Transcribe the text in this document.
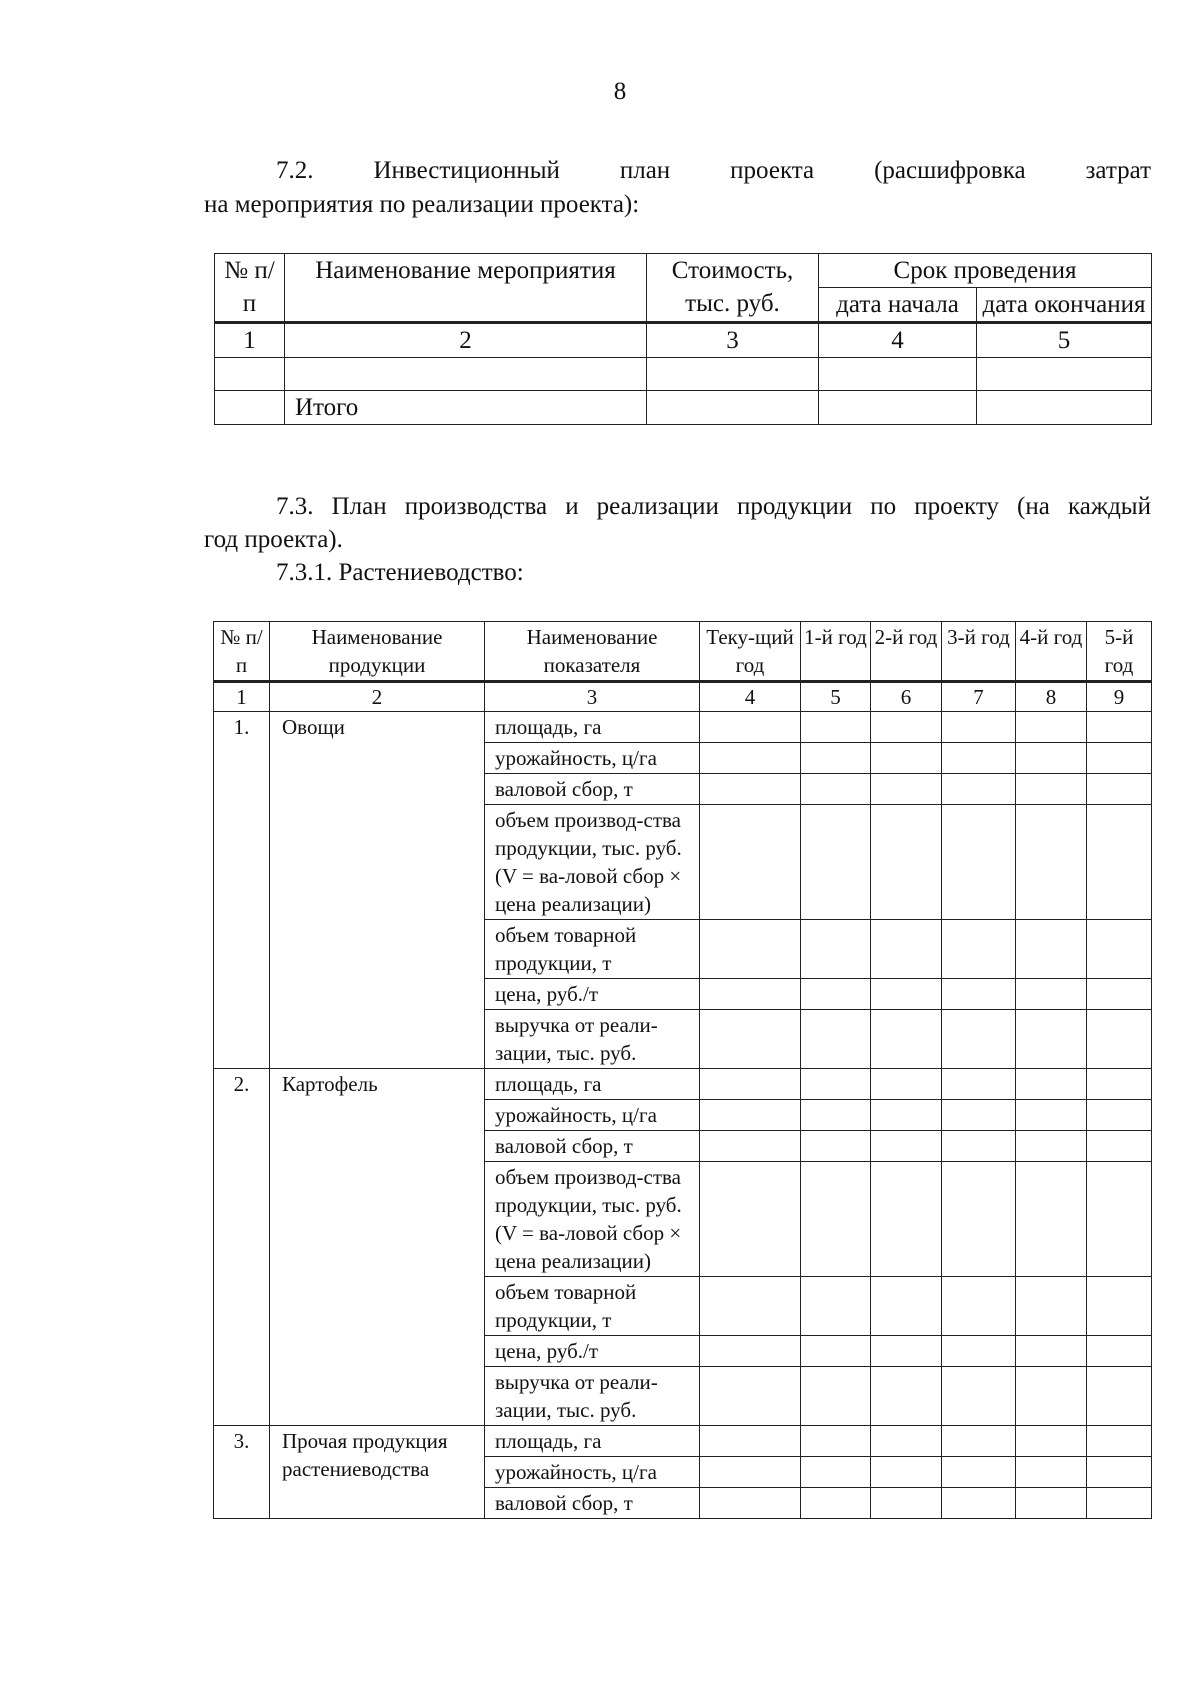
8
7.2. Инвестиционный план проекта (расшифровка затрат
на мероприятия по реализации проекта):
№ п/п	Наименование мероприятия	Стоимость, тыс. руб.	Срок проведения	
			дата начала	дата окончания
1	2	3	4	5

	Итого			
7.3. План производства и реализации продукции по проекту (на каждый
год проекта).
7.3.1. Растениеводство:
№ п/п	Наименование продукции	Наименование показателя	Теку-щий год	1-й год	2-й год	3-й год	4-й год	5-й год
1	2	3	4	5	6	7	8	9
1.	Овощи	площадь, га						
		урожайность, ц/га						
		валовой сбор, т						
		объем производ-ства продукции, тыс. руб. (V = ва-ловой сбор × цена реализации)						
		объем товарной продукции, т						
		цена, руб./т						
		выручка от реали-зации, тыс. руб.						
2.	Картофель	площадь, га						
		урожайность, ц/га						
		валовой сбор, т						
		объем производ-ства продукции, тыс. руб. (V = ва-ловой сбор × цена реализации)						
		объем товарной продукции, т						
		цена, руб./т						
		выручка от реали-зации, тыс. руб.						
3.	Прочая продукция растениеводства	площадь, га						
		урожайность, ц/га						
		валовой сбор, т						
